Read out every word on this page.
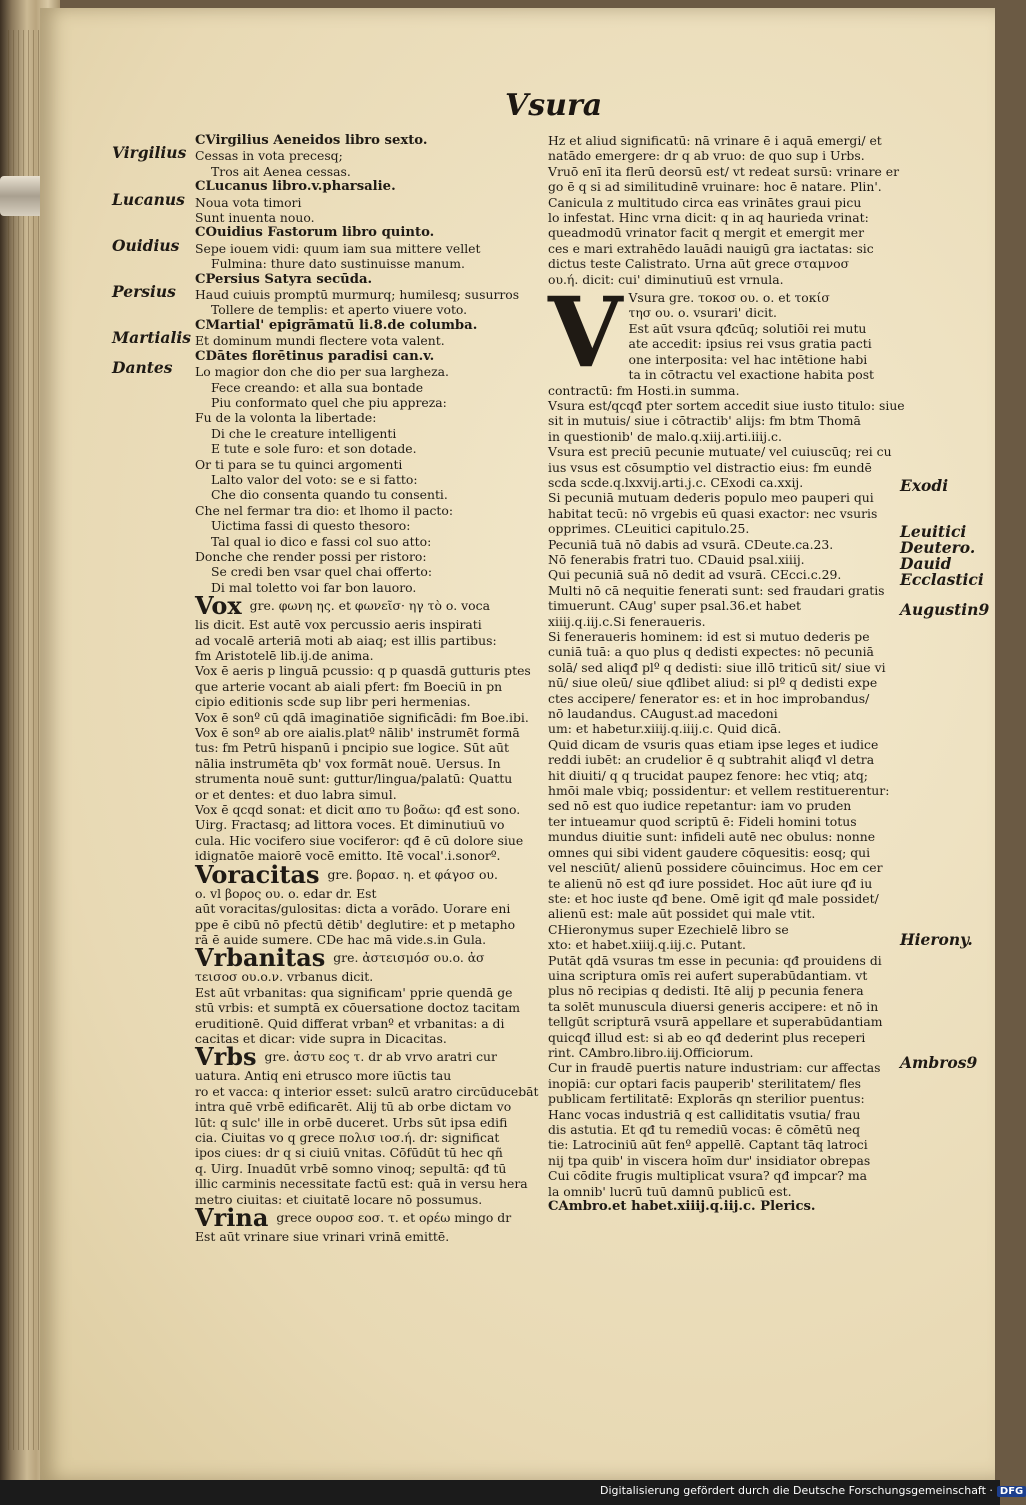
Vsura
Virgilius
Lucanus
Ouidius
Persius
Martialis
Dantes
Exodi
Leuitici
Deutero.
Dauid
Ecclastici
Augustin9
Hierony.
Ambros9
CVirgilius Aeneidos libro sexto.
Cessas in vota precesq;
Tros ait Aenea cessas.
CLucanus libro.v.pharsalie.
Noua vota timori
Sunt inuenta nouo.
COuidius Fastorum libro quinto.
Sepe iouem vidi: quum iam sua mittere vellet
Fulmina: thure dato sustinuisse manum.
CPersius Satyra secūda.
Haud cuiuis promptū murmurq; humilesq; susurros
Tollere de templis: et aperto viuere voto.
CMartial' epigrāmatū li.8.de columba.
Et dominum mundi flectere vota valent.
CDātes florētinus paradisi can.v.
Lo magior don che dio per sua largheza.
Fece creando: et alla sua bontade
Piu conformato quel che piu appreza:
Fu de la volonta la libertade:
Di che le creature intelligenti
E tute e sole furo: et son dotade.
Or ti para se tu quinci argomenti
Lalto valor del voto: se e si fatto:
Che dio consenta quando tu consenti.
Che nel fermar tra dio: et lhomo il pacto:
Uictima fassi di questo thesoro:
Tal qual io dico e fassi col suo atto:
Donche che render possi per ristoro:
Se credi ben vsar quel chai offerto:
Di mal toletto voi far bon lauoro.
Vox gre. φωνη ης. et φωνεῖσ· ηγ τὸ ο. voca
lis dicit. Est autē vox percussio aeris inspirati
ad vocalē arteriā moti ab aiaq; est illis partibus:
fm Aristotelē lib.ij.de anima.
Vox ē aeris p linguā pcussio: q p quasdā gutturis ptes
que arterie vocant ab aiali pfert: fm Boeciū in pn
cipio editionis scde sup libr peri hermenias.
Vox ē sonº cū qdā imaginatiōe significādi: fm Boe.ibi.
Vox ē sonº ab ore aialis.platº nālib' instrumēt formā
tus: fm Petrū hispanū i pncipio sue logice. Sūt aūt
nālia instrumēta qb' vox formāt nouē. Uersus. In
strumenta nouē sunt: guttur/lingua/palatū: Quattu
or et dentes: et duo labra simul.
Vox ē qcqd sonat: et dicit απο τυ βοᾶω: qđ est sono.
Uirg. Fractasq; ad littora voces. Et diminutiuū vo
cula. Hic vocifero siue vociferor: qđ ē cū dolore siue
idignatōe maiorē vocē emitto. Itē vocal'.i.sonorº.
Voracitas gre. βορασ. η. et φάγοσ ου.
o. vl βορος ου. o. edar dr. Est
aūt voracitas/gulositas: dicta a vorādo. Uorare eni
ppe ē cibū nō pfectū dētib' deglutire: et p metapho
rā ē auide sumere. CDe hac mā vide.s.in Gula.
Vrbanitas gre. ἀστεισμόσ ου.o. ἀσ
τεισοσ ου.o.ν. vrbanus dicit.
Est aūt vrbanitas: qua significam' pprie quendā ge
stū vrbis: et sumptā ex cōuersatione doctoz tacitam
eruditionē. Quid differat vrbanº et vrbanitas: a di
cacitas et dicar: vide supra in Dicacitas.
Vrbs gre. ἀστυ εος τ. dr ab vrvo aratri cur
uatura. Antiq eni etrusco more iūctis tau
ro et vacca: q interior esset: sulcū aratro circūducebāt
intra quē vrbē edificarēt. Alij tū ab orbe dictam vo
lūt: q sulc' ille in orbē duceret. Urbs sūt ipsa edifi
cia. Ciuitas vo q grece πολισ ιοσ.ή. dr: significat
ipos ciues: dr q si ciuiū vnitas. Cōfūdūt tū hec qñ
q. Uirg. Inuadūt vrbē somno vinoq; sepultā: qđ tū
illic carminis necessitate factū est: quā in versu hera
metro ciuitas: et ciuitatē locare nō possumus.
Vrina grece ουροσ εοσ. τ. et ορέω mingo dr
Est aūt vrinare siue vrinari vrinā emittē.
Hz et aliud significatū: nā vrinare ē i aquā emergi/ et
natādo emergere: dr q ab vruo: de quo sup i Urbs.
Vruō enī ita flerū deorsū est/ vt redeat sursū: vrinare er
go ē q si ad similitudinē vruinare: hoc ē natare. Plin'.
Canicula z multitudo circa eas vrinātes graui picu
lo infestat. Hinc vrna dicit: q in aq haurieda vrinat:
queadmodū vrinator facit q mergit et emergit mer
ces e mari extrahēdo lauādi nauigū gra iactatas: sic
dictus teste Calistrato. Urna aūt grece σταμνοσ
ου.ή. dicit: cui' diminutiuū est vrnula.
V Vsura gre. τοκοσ ου. ο. et τοκίσ
τησ ου. ο. vsurari' dicit.
Est aūt vsura qđcūq; solutiōi rei mutu
ate accedit: ipsius rei vsus gratia pacti
one interposita: vel hac intētione habi
ta in cōtractu vel exactione habita post
contractū: fm Hosti.in summa.
Vsura est/qcqđ pter sortem accedit siue iusto titulo: siue
sit in mutuis/ siue i cōtractib' alijs: fm btm Thomā
in questionib' de malo.q.xiij.arti.iiij.c.
Vsura est preciū pecunie mutuate/ vel cuiuscūq; rei cu
ius vsus est cōsumptio vel distractio eius: fm eundē
scda scde.q.lxxvij.arti.j.c. CExodi ca.xxij.
Si pecuniā mutuam dederis populo meo pauperi qui
habitat tecū: nō vrgebis eū quasi exactor: nec vsuris
opprimes. CLeuitici capitulo.25.
Pecuniā tuā nō dabis ad vsurā. CDeute.ca.23.
Nō fenerabis fratri tuo. CDauid psal.xiiij.
Qui pecuniā suā nō dedit ad vsurā. CEcci.c.29.
Multi nō cā nequitie fenerati sunt: sed fraudari gratis
timuerunt. CAug' super psal.36.et habet
xiiij.q.iij.c.Si feneraueris.
Si feneraueris hominem: id est si mutuo dederis pe
cuniā tuā: a quo plus q dedisti expectes: nō pecuniā
solā/ sed aliqđ plº q dedisti: siue illō triticū sit/ siue vi
nū/ siue oleū/ siue qđlibet aliud: si plº q dedisti expe
ctes accipere/ fenerator es: et in hoc improbandus/
nō laudandus. CAugust.ad macedoni
um: et habetur.xiiij.q.iiij.c. Quid dicā.
Quid dicam de vsuris quas etiam ipse leges et iudice
reddi iubēt: an crudelior ē q subtrahit aliqđ vl detra
hit diuiti/ q q trucidat paupez fenore: hec vtiq; atq;
hmōi male vbiq; possidentur: et vellem restituerentur:
sed nō est quo iudice repetantur: iam vo pruden
ter intueamur quod scriptū ē: Fideli homini totus
mundus diuitie sunt: infideli autē nec obulus: nonne
omnes qui sibi vident gaudere cōquesitis: eosq; qui
vel nesciūt/ alienū possidere cōuincimus. Hoc em cer
te alienū nō est qđ iure possidet. Hoc aūt iure qđ iu
ste: et hoc iuste qđ bene. Omē igit qđ male possidet/
alienū est: male aūt possidet qui male vtit.
CHieronymus super Ezechielē libro se
xto: et habet.xiiij.q.iij.c. Putant.
Putāt qdā vsuras tm esse in pecunia: qđ prouidens di
uina scriptura omīs rei aufert superabūdantiam. vt
plus nō recipias q dedisti. Itē alij p pecunia fenera
ta solēt munuscula diuersi generis accipere: et nō in
tellgūt scripturā vsurā appellare et superabūdantiam
quicqđ illud est: si ab eo qđ dederint plus receperi
rint. CAmbro.libro.iij.Officiorum.
Cur in fraudē puertis nature industriam: cur affectas
inopiā: cur optari facis pauperib' sterilitatem/ fles
publicam fertilitatē: Explorās qn sterilior puentus:
Hanc vocas industriā q est calliditatis vsutia/ frau
dis astutia. Et qđ tu remediū vocas: ē cōmētū neq
tie: Latrociniū aūt fenº appellē. Captant tāq latroci
nij tpa quib' in viscera hoīm dur' insidiator obrepas
Cui cōdite frugis multiplicat vsura? qđ impcar? ma
la omnib' lucrū tuū damnū publicū est.
CAmbro.et habet.xiiij.q.iij.c. Plerics.
Digitalisierung gefördert durch die Deutsche Forschungsgemeinschaft · DFG
